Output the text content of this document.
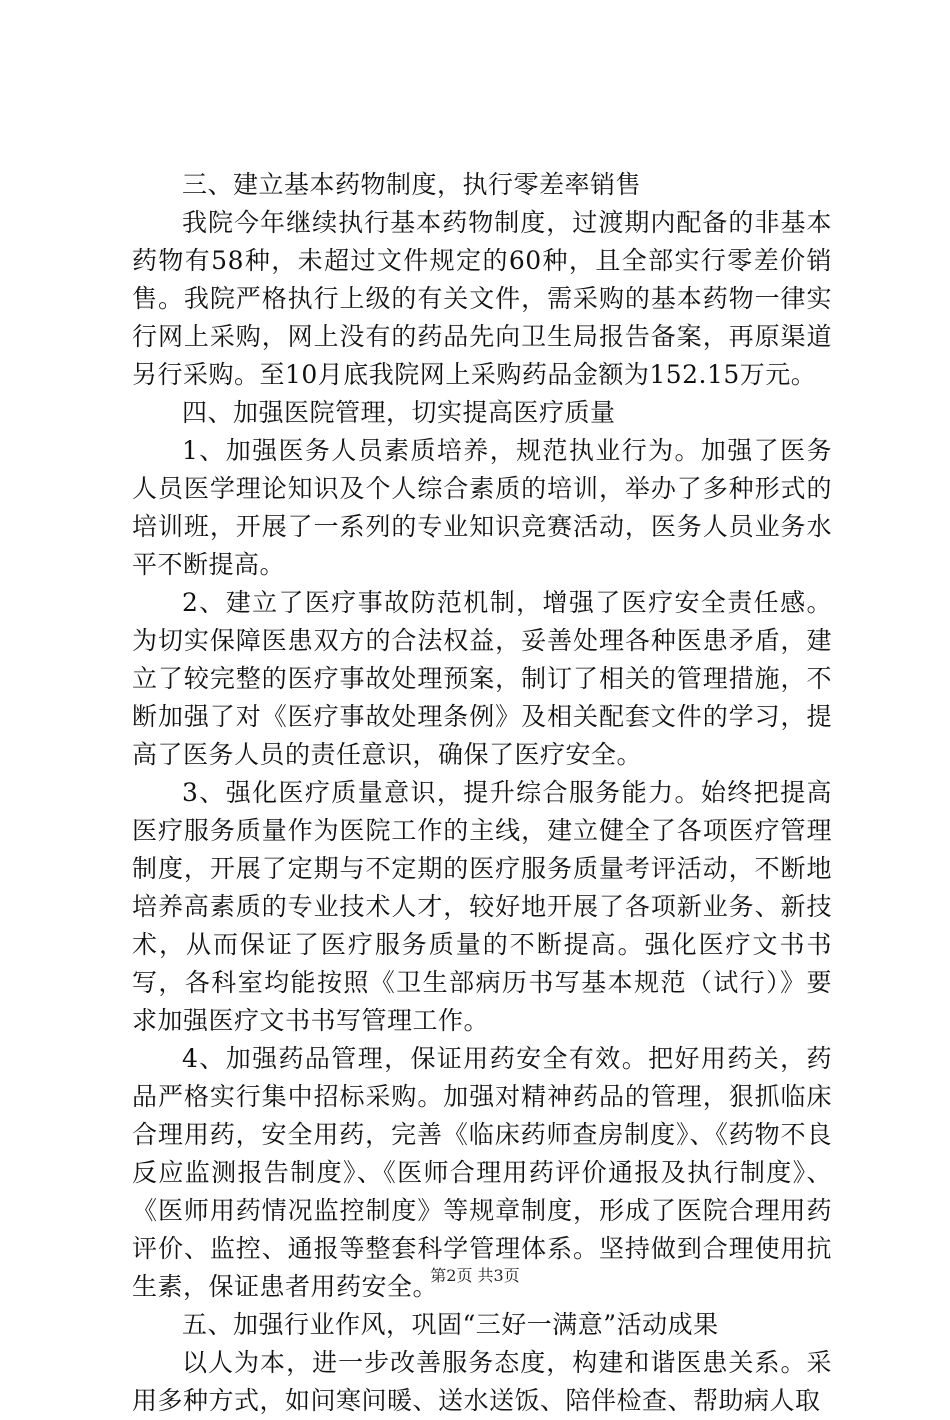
三、建立基本药物制度，执行零差率销售

我院今年继续执行基本药物制度，过渡期内配备的非基本药物有58种，未超过文件规定的60种，且全部实行零差价销售。我院严格执行上级的有关文件，需采购的基本药物一律实行网上采购，网上没有的药品先向卫生局报告备案，再原渠道另行采购。至10月底我院网上采购药品金额为152.15万元。

四、加强医院管理，切实提高医疗质量

1、加强医务人员素质培养，规范执业行为。加强了医务人员医学理论知识及个人综合素质的培训，举办了多种形式的培训班，开展了一系列的专业知识竞赛活动，医务人员业务水平不断提高。

2、建立了医疗事故防范机制，增强了医疗安全责任感。为切实保障医患双方的合法权益，妥善处理各种医患矛盾，建立了较完整的医疗事故处理预案，制订了相关的管理措施，不断加强了对《医疗事故处理条例》及相关配套文件的学习，提高了医务人员的责任意识，确保了医疗安全。

3、强化医疗质量意识，提升综合服务能力。始终把提高医疗服务质量作为医院工作的主线，建立健全了各项医疗管理制度，开展了定期与不定期的医疗服务质量考评活动，不断地培养高素质的专业技术人才，较好地开展了各项新业务、新技术，从而保证了医疗服务质量的不断提高。强化医疗文书书写，各科室均能按照《卫生部病历书写基本规范（试行）》要求加强医疗文书书写管理工作。

4、加强药品管理，保证用药安全有效。把好用药关，药品严格实行集中招标采购。加强对精神药品的管理，狠抓临床合理用药，安全用药，完善《临床药师查房制度》、《药物不良反应监测报告制度》、《医师合理用药评价通报及执行制度》、《医师用药情况监控制度》等规章制度，形成了医院合理用药评价、监控、通报等整套科学管理体系。坚持做到合理使用抗生素，保证患者用药安全。

五、加强行业作风，巩固“三好一满意”活动成果

以人为本，进一步改善服务态度，构建和谐医患关系。采用多种方式，如问寒问暖、送水送饭、陪伴检查、帮助病人取

第2页 共3页
